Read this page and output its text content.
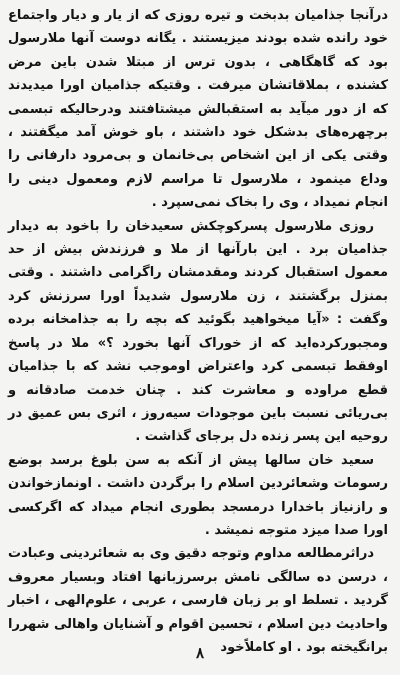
درآنجا جذامیان بدبخت و تیره روزی که از یار و دیار واجتماع خود رانده شده بودند میزیستند . یگانه دوست آنها ملارسول بود که گاهگاهی ، بدون ترس از مبتلا شدن باین مرض کشنده ، بملاقاتشان میرفت . وقتیکه جذامیان اورا میدیدند که از دور میآید به استقبالش میشتافتند ودرحالیکه تبسمی برچهره‌های بدشکل خود داشتند ، باو خوش آمد میگفتند ، وقتی یکی از این اشخاص بی‌خانمان و بی‌مرود دارفانی را وداع مینمود ، ملارسول تا مراسم لازم ومعمول دینی را انجام نمیداد ، وی را بخاک نمی‌سپرد .

روزی ملارسول پسرکوچکش سعیدخان را باخود به دیدار جذامیان برد . این بارآنها از ملا و فرزندش بیش از حد معمول استقبال کردند ومقدمشان راگرامی داشتند . وقتی بمنزل برگشتند ، زن ملارسول شدیداً اورا سرزنش کرد وگفت : «آیا میخواهید بگوئید که بچه را به جذامخانه برده ومجبورکرده‌اید که از خوراک آنها بخورد ؟» ملا در پاسخ اوفقط تبسمی کرد واعتراض اوموجب نشد که با جذامیان قطع مراوده و معاشرت کند . چنان خدمت صادقانه و بی‌ریائی نسبت باین موجودات سیه‌روز ، اثری بس عمیق در روحیه این پسر زنده دل برجای گذاشت .

سعید خان سالها پیش از آنکه به سن بلوغ برسد بوضع رسومات وشعائردین اسلام را برگردن داشت . اونمازخواندن و رازنیاز باخدارا درمسجد بطوری انجام میداد که اگرکسی اورا صدا میزد متوجه نمیشد .

درا‌ثرمطالعه مداوم وتوجه دقیق وی به شعائردینی وعبادت ، درسن ده سالگی نامش برسرزبانها افتاد وبسیار معروف گردید . تسلط او بر زبان فارسی ، عربی ، علوم‌الهی ، اخبار واحادیث دین اسلام ، تحسین اقوام و آشنایان واهالی شهررا برانگیخته بود . او کاملاًخود

۸
